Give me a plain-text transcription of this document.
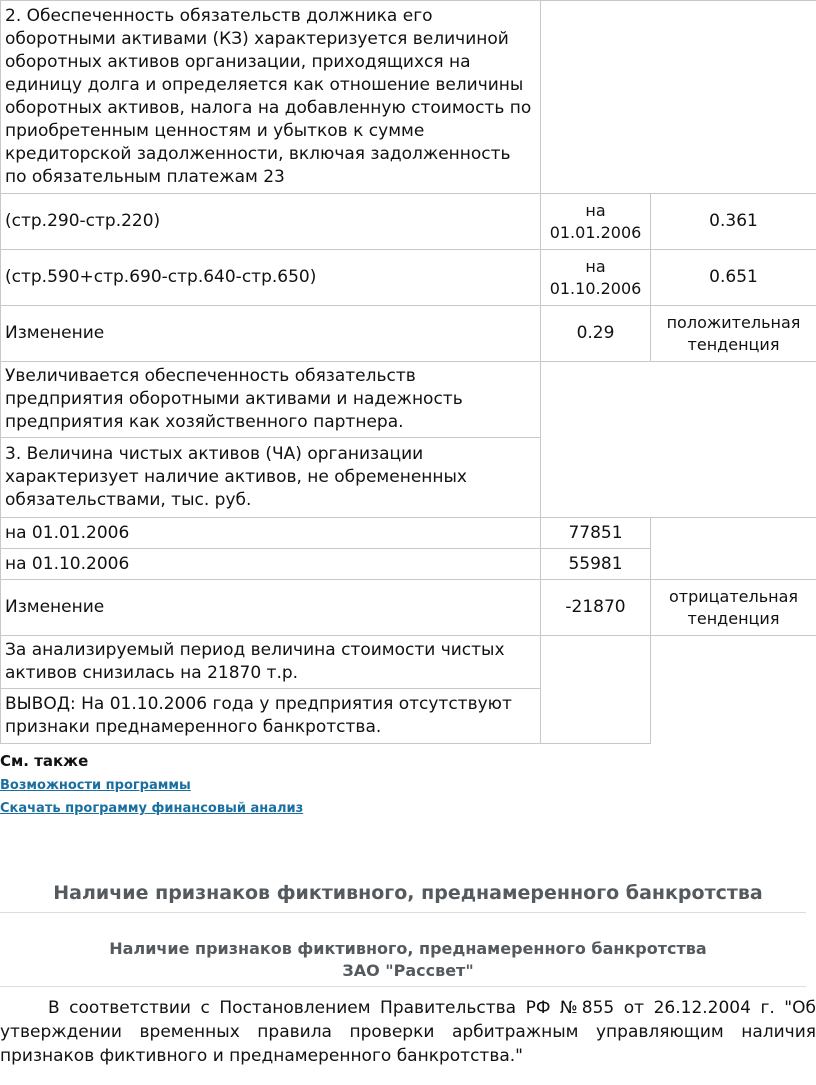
2. Обеспеченность обязательств должника его оборотными активами (КЗ) характеризуется величиной оборотных активов организации, приходящихся на единицу долга и определяется как отношение величины оборотных активов, налога на добавленную стоимость по приобретенным ценностям и убытков к сумме кредиторской задолженности, включая задолженность по обязательным платежам 23		
(стр.290-стр.220)	на 01.01.2006	0.361
(стр.590+стр.690-стр.640-стр.650)	на 01.10.2006	0.651
Изменение	0.29	положительная тенденция
Увеличивается обеспеченность обязательств предприятия оборотными активами и надежность предприятия как хозяйственного партнера.		
3. Величина чистых активов (ЧА) организации характеризует наличие активов, не обремененных обязательствами, тыс. руб.		
на 01.01.2006	77851	
на 01.10.2006	55981	
Изменение	-21870	отрицательная тенденция
За анализируемый период величина стоимости чистых активов снизилась на 21870 т.р.		
ВЫВОД: На 01.10.2006 года у предприятия отсутствуют признаки преднамеренного банкротства.		
См. также
Возможности программы
Скачать программу финансовый анализ
Наличие признаков фиктивного, преднамеренного банкротства
Наличие признаков фиктивного, преднамеренного банкротства
ЗАО "Рассвет"
В соответствии с Постановлением Правительства РФ №855 от 26.12.2004 г. "Об утверждении временных правила проверки арбитражным управляющим наличия признаков фиктивного и преднамеренного банкротства."
